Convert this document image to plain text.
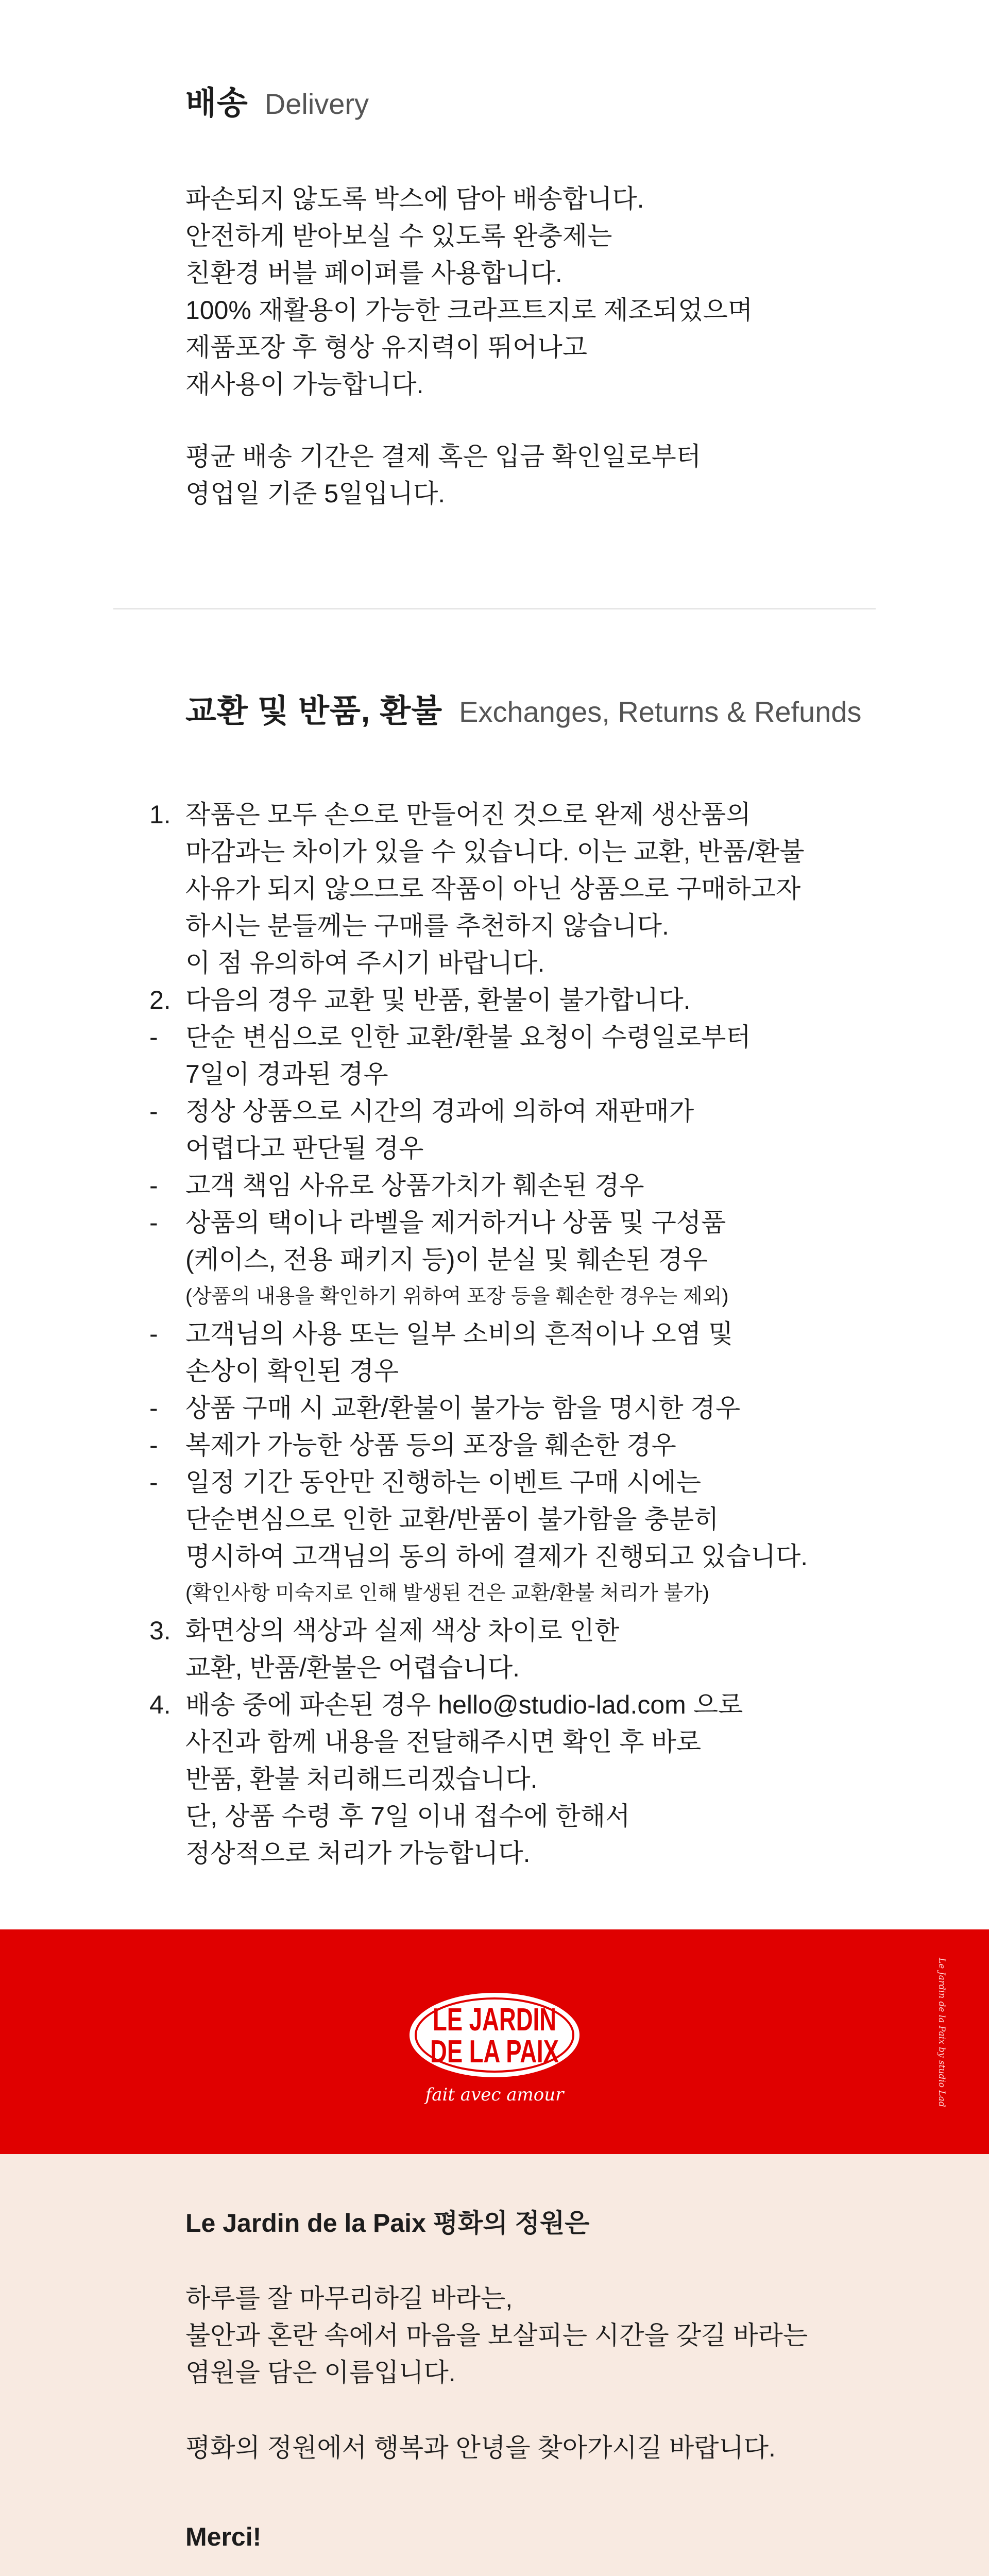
배송 Delivery
파손되지 않도록 박스에 담아 배송합니다.
안전하게 받아보실 수 있도록 완충제는
친환경 버블 페이퍼를 사용합니다.
100% 재활용이 가능한 크라프트지로 제조되었으며
제품포장 후 형상 유지력이 뛰어나고
재사용이 가능합니다.
평균 배송 기간은 결제 혹은 입금 확인일로부터
영업일 기준 5일입니다.
교환 및 반품, 환불 Exchanges, Returns & Refunds
1. 작품은 모두 손으로 만들어진 것으로 완제 생산품의
마감과는 차이가 있을 수 있습니다. 이는 교환, 반품/환불
사유가 되지 않으므로 작품이 아닌 상품으로 구매하고자
하시는 분들께는 구매를 추천하지 않습니다.
이 점 유의하여 주시기 바랍니다.
2. 다음의 경우 교환 및 반품, 환불이 불가합니다.
-	단순 변심으로 인한 교환/환불 요청이 수령일로부터
7일이 경과된 경우
-	정상 상품으로 시간의 경과에 의하여 재판매가
어렵다고 판단될 경우
-	고객 책임 사유로 상품가치가 훼손된 경우
-	상품의 택이나 라벨을 제거하거나 상품 및 구성품
(케이스, 전용 패키지 등)이 분실 및 훼손된 경우
(상품의 내용을 확인하기 위하여 포장 등을 훼손한 경우는 제외)
-	고객님의 사용 또는 일부 소비의 흔적이나 오염 및
손상이 확인된 경우
-	상품 구매 시 교환/환불이 불가능 함을 명시한 경우
-	복제가 가능한 상품 등의 포장을 훼손한 경우
-	일정 기간 동안만 진행하는 이벤트 구매 시에는
단순변심으로 인한 교환/반품이 불가함을 충분히
명시하여 고객님의 동의 하에 결제가 진행되고 있습니다.
(확인사항 미숙지로 인해 발생된 건은 교환/환불 처리가 불가)
3. 화면상의 색상과 실제 색상 차이로 인한
교환, 반품/환불은 어렵습니다.
4. 배송 중에 파손된 경우 hello@studio-lad.com 으로
사진과 함께 내용을 전달해주시면 확인 후 바로
반품, 환불 처리해드리겠습니다.
단, 상품 수령 후 7일 이내 접수에 한해서
정상적으로 처리가 가능합니다.
LE JARDIN
DE LA PAIX
fait avec amour	Le Jardin de la Paix by studio Lad
Le Jardin de la Paix 평화의 정원은
하루를 잘 마무리하길 바라는,
불안과 혼란 속에서 마음을 보살피는 시간을 갖길 바라는
염원을 담은 이름입니다.
평화의 정원에서 행복과 안녕을 찾아가시길 바랍니다.
Merci!
